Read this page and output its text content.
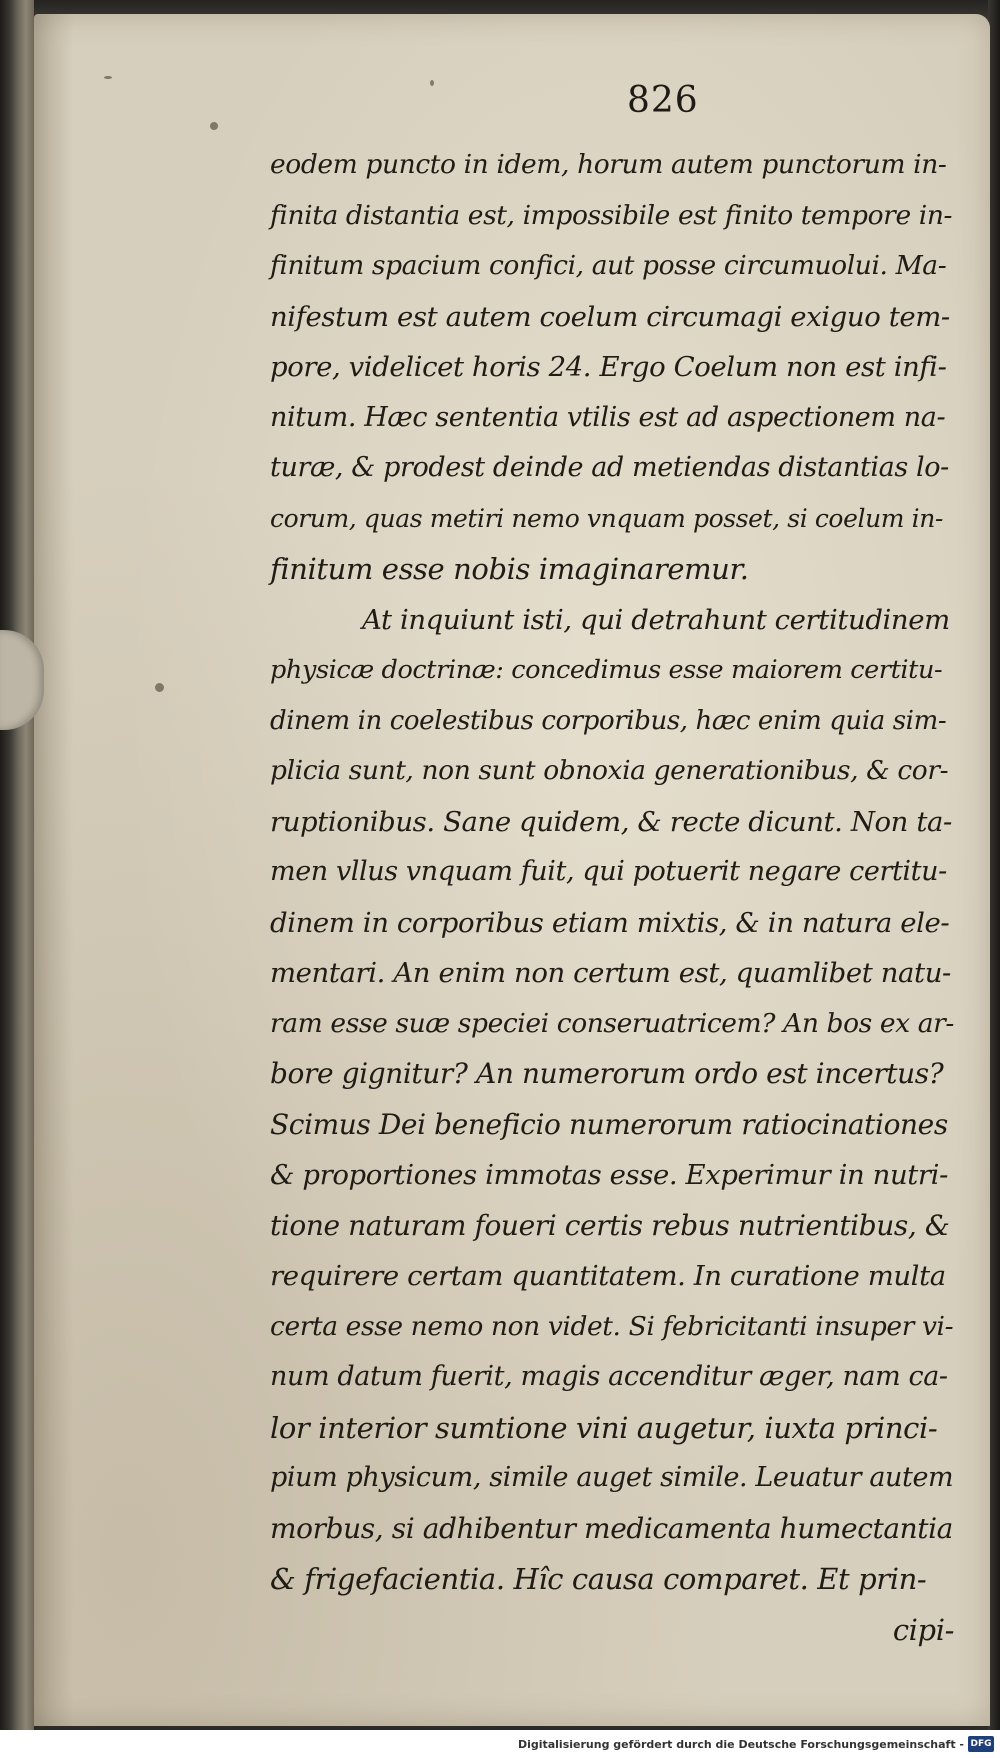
826
eodem puncto in idem, horum autem punctorum in-
finita distantia est, impossibile est finito tempore in-
finitum spacium confici, aut posse circumuolui. Ma-
nifestum est autem coelum circumagi exiguo tem-
pore, videlicet horis 24. Ergo Coelum non est infi-
nitum. Hæc sententia vtilis est ad aspectionem na-
turæ, & prodest deinde ad metiendas distantias lo-
corum, quas metiri nemo vnquam posset, si coelum in-
finitum esse nobis imaginaremur.
At inquiunt isti, qui detrahunt certitudinem
physicæ doctrinæ: concedimus esse maiorem certitu-
dinem in coelestibus corporibus, hæc enim quia sim-
plicia sunt, non sunt obnoxia generationibus, & cor-
ruptionibus. Sane quidem, & recte dicunt. Non ta-
men vllus vnquam fuit, qui potuerit negare certitu-
dinem in corporibus etiam mixtis, & in natura ele-
mentari. An enim non certum est, quamlibet natu-
ram esse suæ speciei conseruatricem? An bos ex ar-
bore gignitur? An numerorum ordo est incertus?
Scimus Dei beneficio numerorum ratiocinationes
& proportiones immotas esse. Experimur in nutri-
tione naturam foueri certis rebus nutrientibus, &
requirere certam quantitatem. In curatione multa
certa esse nemo non videt. Si febricitanti insuper vi-
num datum fuerit, magis accenditur æger, nam ca-
lor interior sumtione vini augetur, iuxta princi-
pium physicum, simile auget simile. Leuatur autem
morbus, si adhibentur medicamenta humectantia
& frigefacientia. Hîc causa comparet. Et prin-
cipi-
Digitalisierung gefördert durch die Deutsche Forschungsgemeinschaft - DFG
